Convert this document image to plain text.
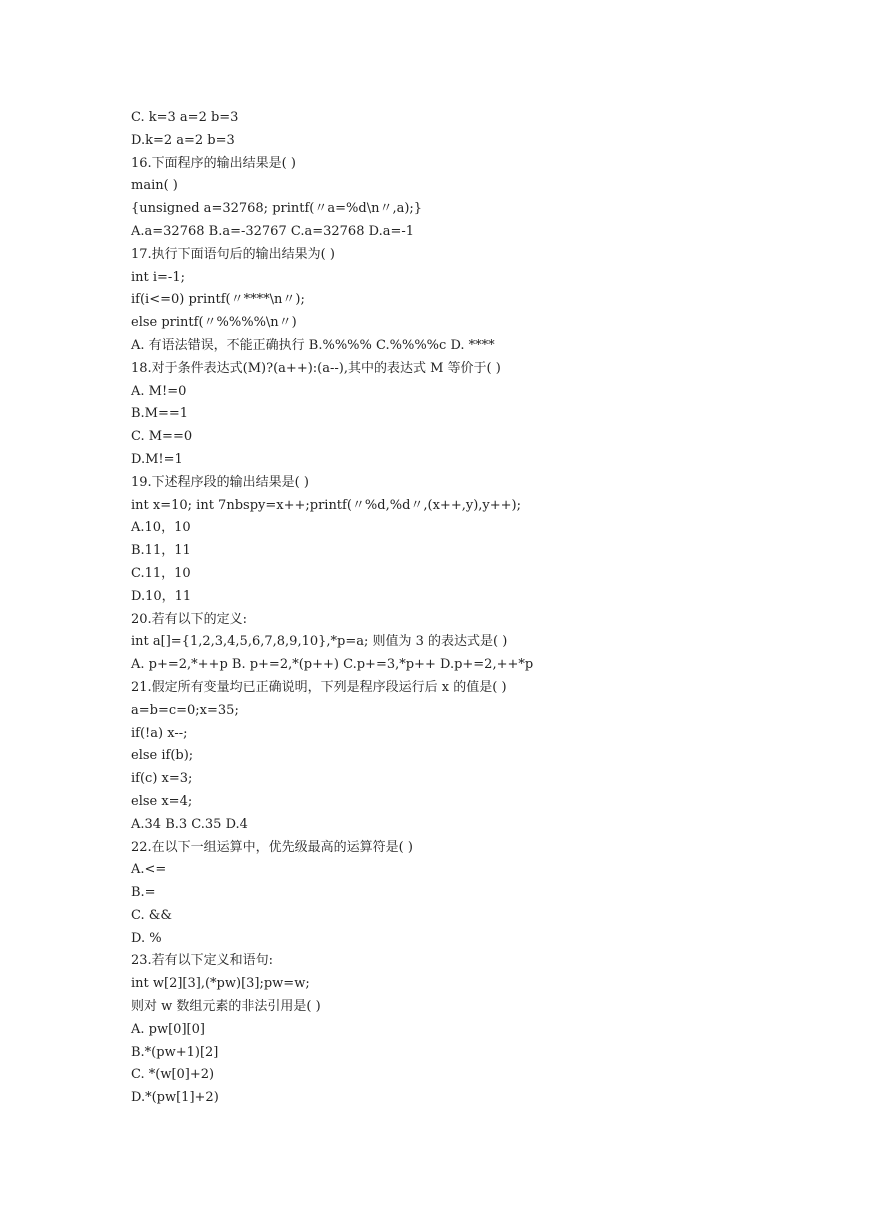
C. k=3 a=2 b=3
D.k=2 a=2 b=3
16.下面程序的输出结果是( )
main( )
{unsigned a=32768; printf(〃a=%d\n〃,a);}
A.a=32768 B.a=-32767 C.a=32768 D.a=-1
17.执行下面语句后的输出结果为( )
int i=-1;
if(i<=0) printf(〃****\n〃);
else printf(〃%%%%\n〃)
A. 有语法错误，不能正确执行 B.%%%% C.%%%%c D. ****
18.对于条件表达式(M)?(a++):(a--),其中的表达式 M 等价于( )
A. M!=0
B.M==1
C. M==0
D.M!=1
19.下述程序段的输出结果是( )
int x=10; int 7nbspy=x++;printf(〃%d,%d〃,(x++,y),y++);
A.10，10
B.11，11
C.11，10
D.10，11
20.若有以下的定义:
int a[]={1,2,3,4,5,6,7,8,9,10},*p=a; 则值为 3 的表达式是( )
A. p+=2,*++p B. p+=2,*(p++) C.p+=3,*p++ D.p+=2,++*p
21.假定所有变量均已正确说明，下列是程序段运行后 x 的值是( )
a=b=c=0;x=35;
if(!a) x--;
else if(b);
if(c) x=3;
else x=4;
A.34 B.3 C.35 D.4
22.在以下一组运算中，优先级最高的运算符是( )
A.<=
B.=
C. &&
D. %
23.若有以下定义和语句:
int w[2][3],(*pw)[3];pw=w;
则对 w 数组元素的非法引用是( )
A. pw[0][0]
B.*(pw+1)[2]
C. *(w[0]+2)
D.*(pw[1]+2)
